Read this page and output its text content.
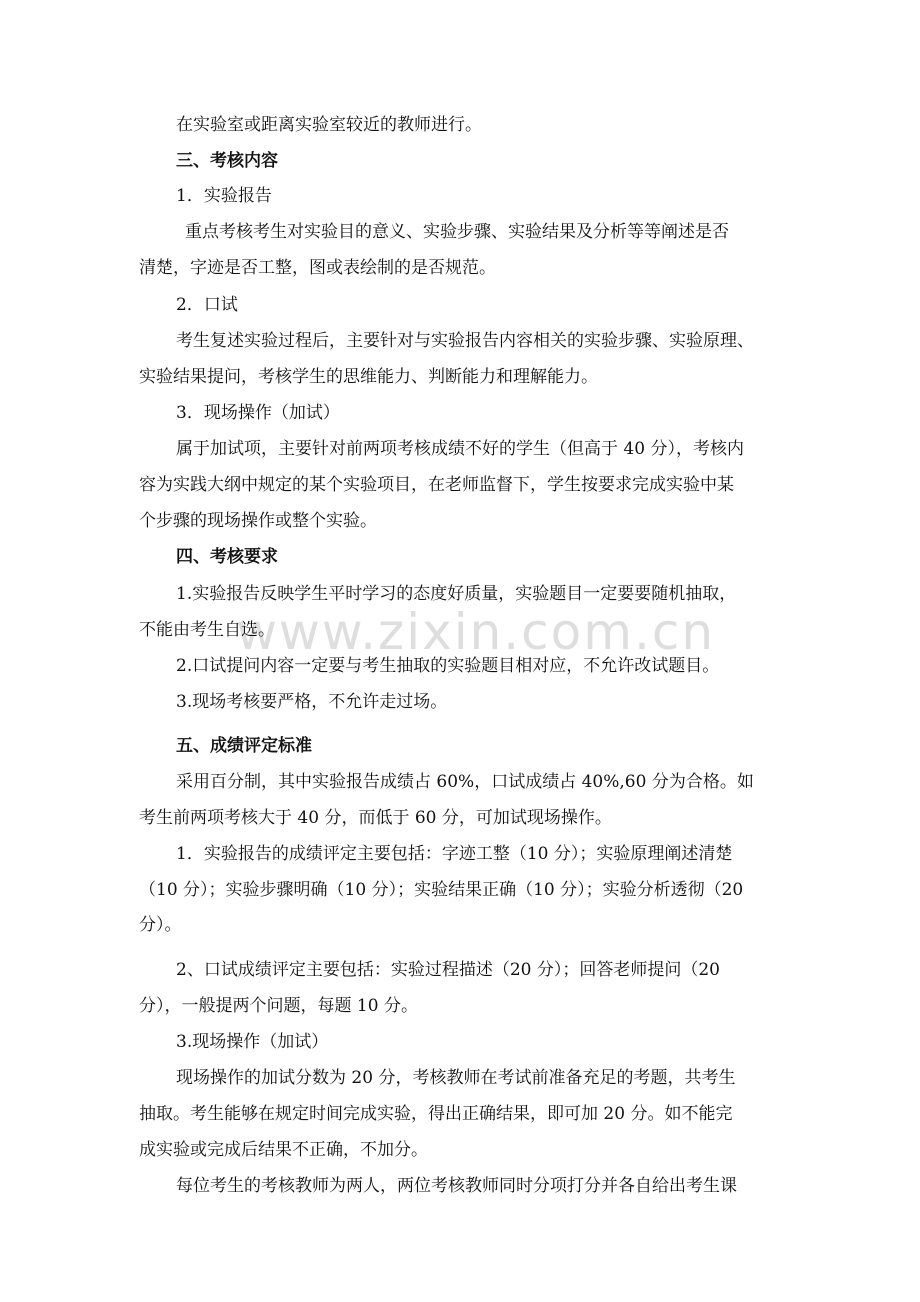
www.zixin.com.cn
在实验室或距离实验室较近的教师进行。
三、考核内容
1．实验报告
重点考核考生对实验目的意义、实验步骤、实验结果及分析等等阐述是否
清楚，字迹是否工整，图或表绘制的是否规范。
2．口试
考生复述实验过程后，主要针对与实验报告内容相关的实验步骤、实验原理、
实验结果提问，考核学生的思维能力、判断能力和理解能力。
3．现场操作（加试）
属于加试项，主要针对前两项考核成绩不好的学生（但高于 40 分），考核内
容为实践大纲中规定的某个实验项目，在老师监督下，学生按要求完成实验中某
个步骤的现场操作或整个实验。
四、考核要求
1.实验报告反映学生平时学习的态度好质量，实验题目一定要要随机抽取，
不能由考生自选。
2.口试提问内容一定要与考生抽取的实验题目相对应，不允许改试题目。
3.现场考核要严格，不允许走过场。
五、成绩评定标准
采用百分制，其中实验报告成绩占 60%，口试成绩占 40%,60 分为合格。如
考生前两项考核大于 40 分，而低于 60 分，可加试现场操作。
1．实验报告的成绩评定主要包括：字迹工整（10 分）；实验原理阐述清楚
（10 分）；实验步骤明确（10 分）；实验结果正确（10 分）；实验分析透彻（20
分）。
2、口试成绩评定主要包括：实验过程描述（20 分）；回答老师提问（20
分），一般提两个问题，每题 10 分。
3.现场操作（加试）
现场操作的加试分数为 20 分，考核教师在考试前准备充足的考题，共考生
抽取。考生能够在规定时间完成实验，得出正确结果，即可加 20 分。如不能完
成实验或完成后结果不正确，不加分。
每位考生的考核教师为两人，两位考核教师同时分项打分并各自给出考生课
